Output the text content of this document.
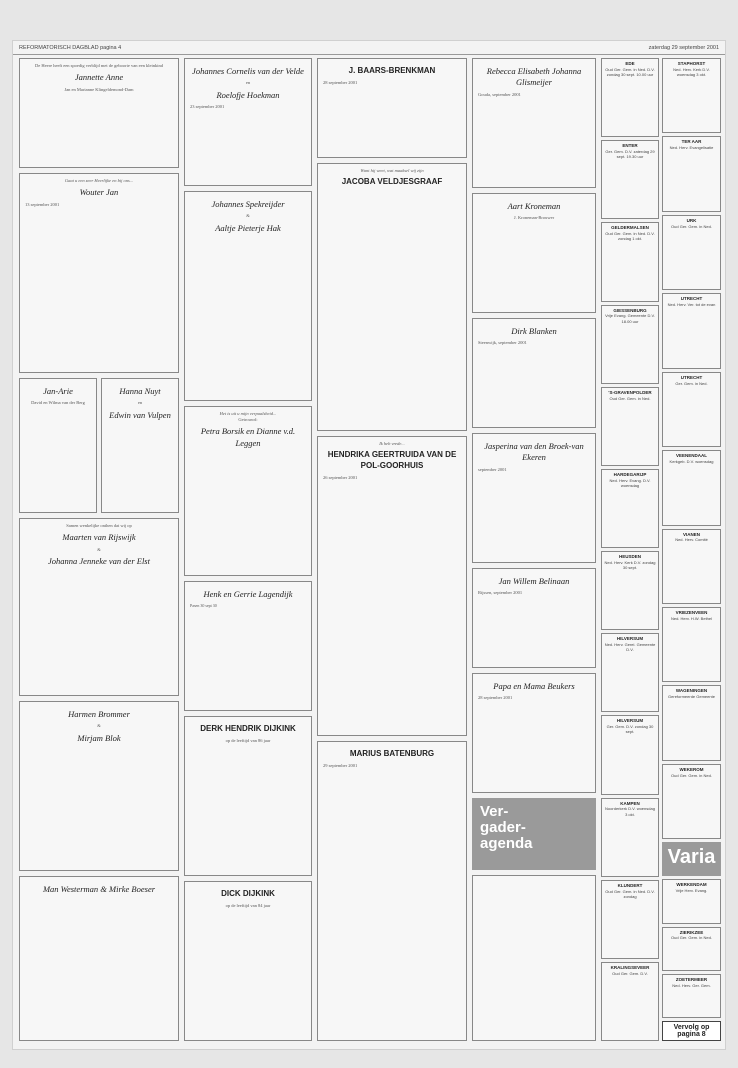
REFORMATORISCH DAGBLAD pagina 4	zaterdag 29 september 2001
De Heere heeft een spoedig verblijd met de geboorte van een kleinkind
Jannette Anne
Jan en Marianne Klingeldemond-Dam
Gaat u een zeer Heerlijke en bij ons...
Wouter Jan
13 september 2001
Jan-Arie
David en Wilma van der Berg
Hanna Nuyt
en
Edwin van Vulpen
Samen wenkelijke onthen dat wij op
Maarten van Rijswijk
&
Johanna Jenneke van der Elst
Harmen Brommer
&
Mirjam Blok
Man Westerman & Mirke Boeser
Johannes Cornelis van der Velde
en
Roelofje Hoekman
23 september 2001
Johannes Spekreijder
&
Aaltje Pieterje Hak
Het is uit u mijn verpaalsheid...
Getrouwd:
Petra Borsik en Dianne v.d. Leggen
Henk en Gerrie Lagendijk
Pasen 30 sept 30
DERK HENDRIK DIJKINK
op de leeftijd van 86 jaar
DICK DIJKINK
op de leeftijd van 84 jaar
J. BAARS-BRENKMAN
28 september 2001
Want hij weet, wat maaksel wij zijn
JACOBA VELDJESGRAAF
Ik heb vrede...
HENDRIKA GEERTRUIDA VAN DE POL-GOORHUIS
26 september 2001
MARIUS BATENBURG
29 september 2001
Rebecca Elisabeth Johanna Glismeijer
Gouda, september 2001
Aart Kroneman
J. Kroneman-Brouwer
Dirk Blanken
Steenwijk, september 2001
Jasperina van den Broek-van Ekeren
september 2001
Jan Willem Belinaan
Rijssen, september 2001
Papa en Mama Beukers
28 september 2001
Ver-
gader-
agenda
EDE
Oud Ger. Gem. in Ned. D.V. zondag 30 sept. 10.00 uur
ENTER
Ger. Gem. D.V. zaterdag 29 sept. 19.30 uur
GELDERMALSEN
Oud Ger. Gem. in Ned. D.V. zondag 1 okt.
GIESSENBURG
Vrije Evang. Gemeente D.V. 18.00 uur
'S-GRAVENPOLDER
Oud Ger. Gem. in Ned.
HARDEGARIJP
Ned. Herv. Evang. D.V. woensdag
HEUSDEN
Ned. Herv. Kerk D.V. zondag 30 sept.
HILVERSUM
Ned. Herv. Gerei. Gemeente D.V.
HILVERSUM
Ger. Gem. D.V. zondag 30 sept.
KAMPEN
Noorderkerk D.V. woensdag 3 okt.
KLUNDERT
Oud Ger. Gem. in Ned. D.V. zondag
KRALINGSEVEER
Oud Ger. Gem. D.V.
STAPHORST
Ned. Herv. Kerk D.V. woensdag 3 okt.
TER AAR
Ned. Herv. Evangelisatie
URK
Oud Ger. Gem. in Ned.
UTRECHT
Ned. Herv. Ver. tot de evan
UTRECHT
Ger. Gem. in Ned.
VEENENDAAL
Kerkgeb. D.V. woensdag
VIANEN
Ned. Herv. Comité
VRIEZENVEEN
Ned. Herv. H.W. Bethel
WAGENINGEN
Gereformeerde Gemeente
WEKEROM
Oud Ger. Gem. in Ned.
Varia
WERKENDAM
Vrije Herv. Evang.
ZIERIKZEE
Oud Ger. Gem. in Ned.
ZOETERMEER
Ned. Herv. Ger. Gem.
Vervolg op pagina 8
